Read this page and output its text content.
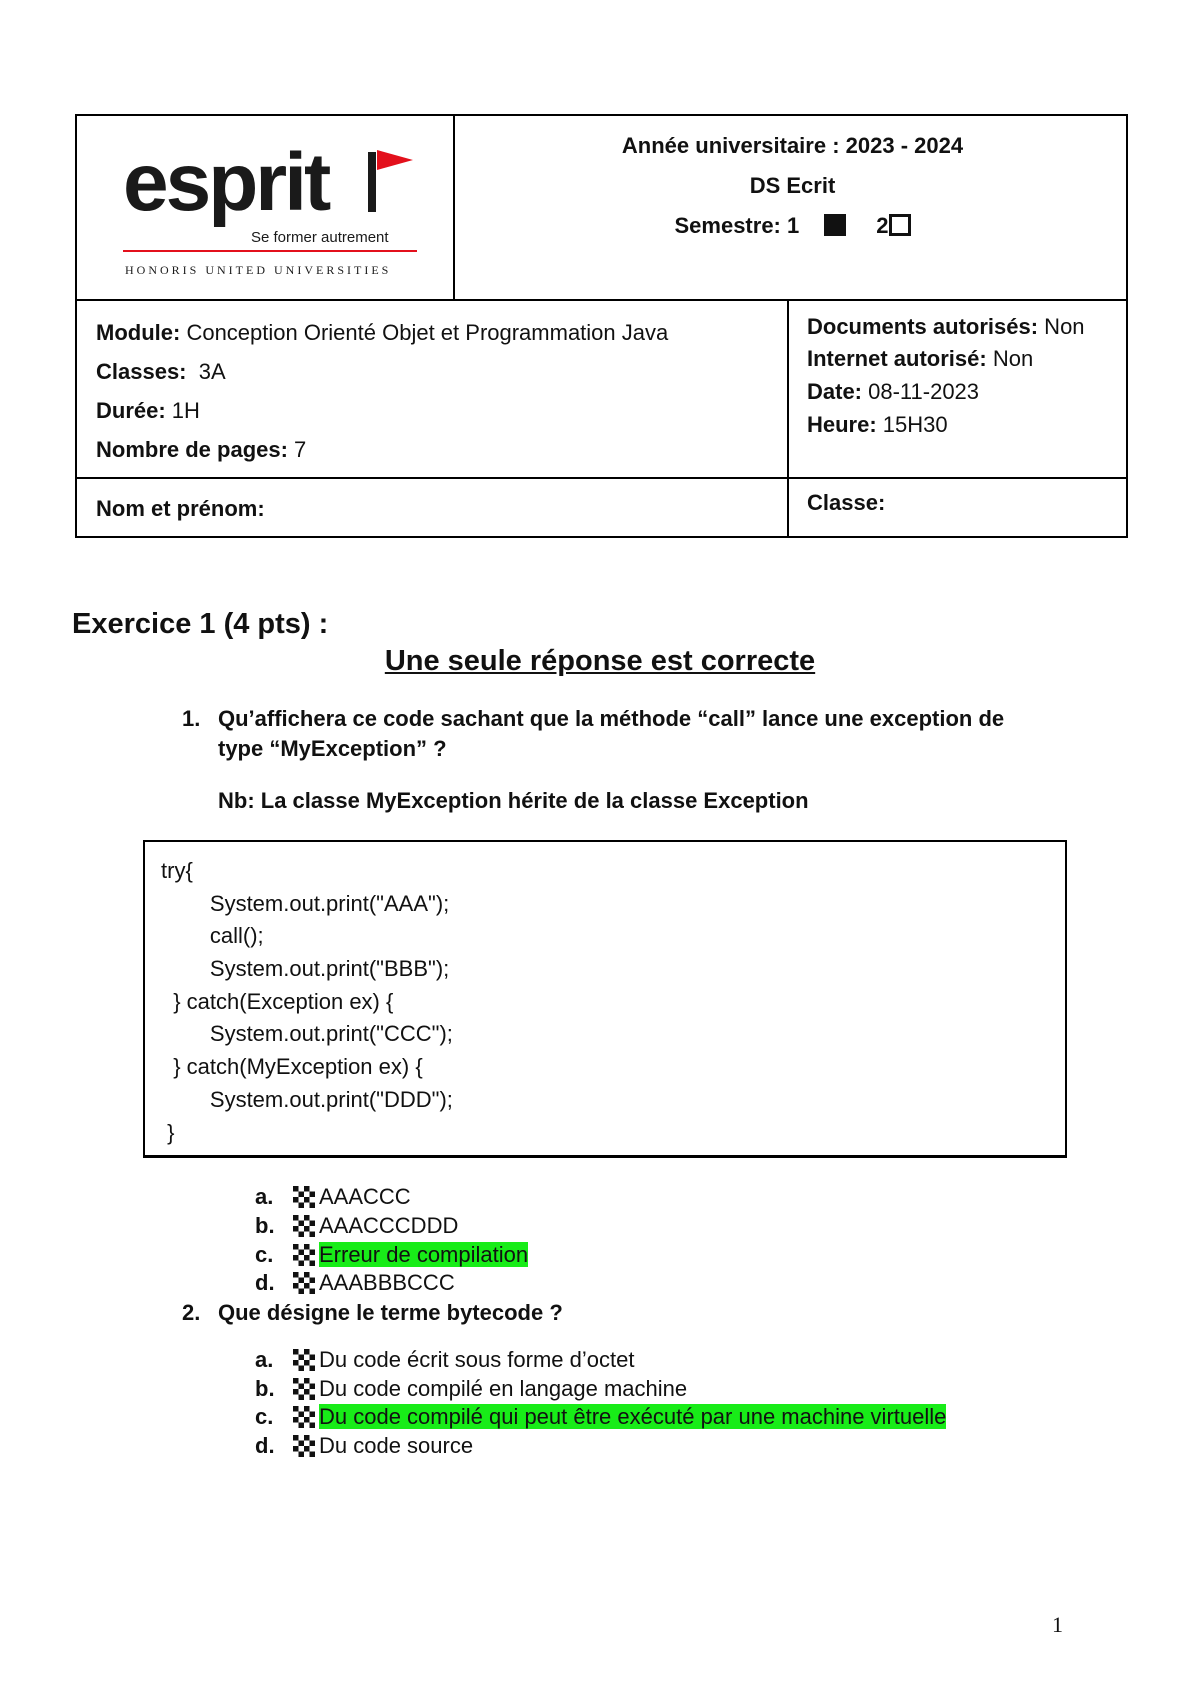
esprit
Se former autrement
HONORIS UNITED UNIVERSITIES
Année universitaire : 2023 - 2024
DS Ecrit
Semestre: 1	2
Module: Conception Orienté Objet et Programmation Java
Classes:  3A
Durée: 1H
Nombre de pages: 7
Documents autorisés: Non
Internet autorisé: Non
Date: 08-11-2023
Heure: 15H30
Nom et prénom:	Classe:
Exercice 1 (4 pts) :
Une seule réponse est correcte
1. Qu’affichera ce code sachant que la méthode “call” lance une exception de
type “MyException” ?
Nb: La classe MyException hérite de la classe Exception
try{
System.out.print("AAA");
call();
System.out.print("BBB");
} catch(Exception ex) {
System.out.print("CCC");
} catch(MyException ex) {
System.out.print("DDD");
}
a. AAACCC
b. AAACCCDDD
c. Erreur de compilation
d. AAABBBCCC
2. Que désigne le terme bytecode ?
a. Du code écrit sous forme d’octet
b. Du code compilé en langage machine
c. Du code compilé qui peut être exécuté par une machine virtuelle
d. Du code source
1
